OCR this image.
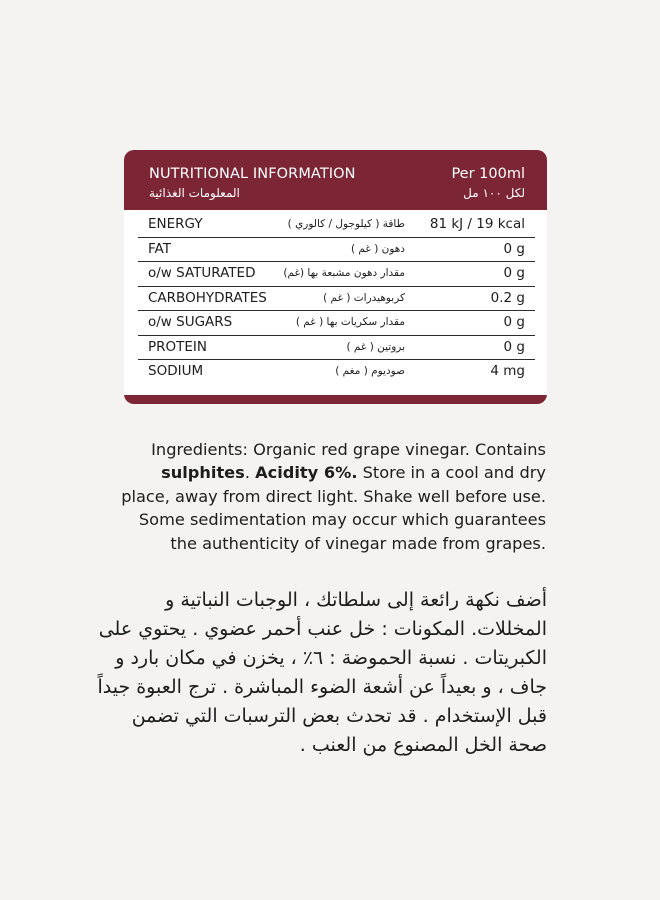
NUTRITIONAL INFORMATION
المعلومات الغذائية
Per 100ml
لكل ١٠٠ مل
ENERGY	طاقة ( كيلوجول / كالوري ) 81 kJ / 19 kcal
FAT	دهون ( غم )	0 g
o/w SATURATED	مقدار دهون مشبعة بها (غم)	0 g
CARBOHYDRATES	كربوهيدرات ( غم )	0.2 g
o/w SUGARS	مقدار سكريات بها ( غم )	0 g
PROTEIN	بروتين ( غم )	0 g
SODIUM	صوديوم ( مغم )	4 mg
Ingredients: Organic red grape vinegar. Contains sulphites. Acidity 6%. Store in a cool and dry place, away from direct light. Shake well before use. Some sedimentation may occur which guarantees the authenticity of vinegar made from grapes.
أضف نكهة رائعة إلى سلطاتك ، الوجبات النباتية و المخللات. المكونات : خل عنب أحمر عضوي . يحتوي على الكبريتات . نسبة الحموضة : ٦٪ ، يخزن في مكان بارد و جاف ، و بعيداً عن أشعة الضوء المباشرة . ترج العبوة جيداً قبل الإستخدام . قد تحدث بعض الترسبات التي تضمن صحة الخل المصنوع من العنب .
